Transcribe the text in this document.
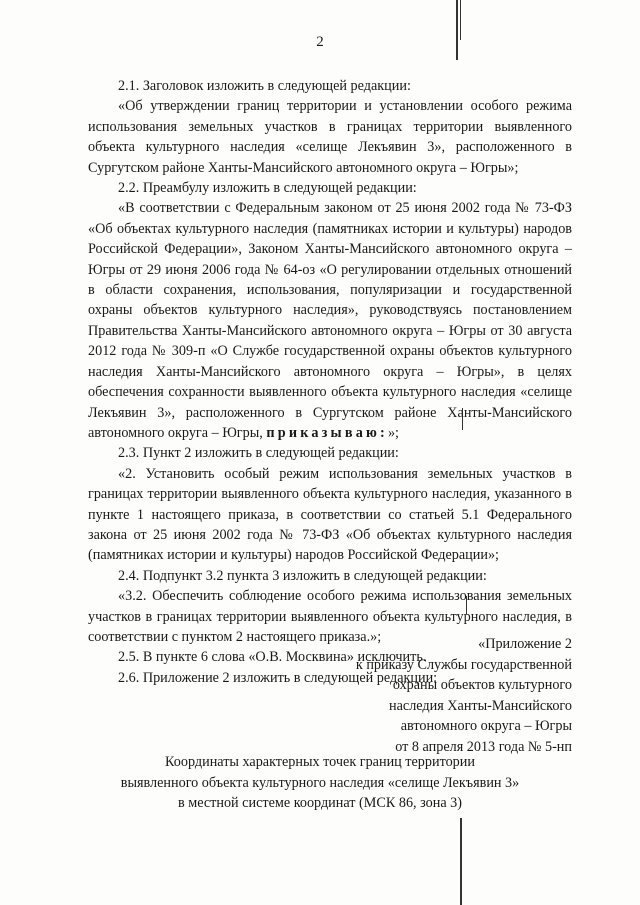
2

2.1. Заголовок изложить в следующей редакции:

«Об утверждении границ территории и установлении особого режима использования земельных участков в границах территории выявленного объекта культурного наследия «селище Лекъявин 3», расположенного в Сургутском районе Ханты-Мансийского автономного округа – Югры»;

2.2. Преамбулу изложить в следующей редакции:

«В соответствии с Федеральным законом от 25 июня 2002 года № 73-ФЗ «Об объектах культурного наследия (памятниках истории и культуры) народов Российской Федерации», Законом Ханты-Мансийского автономного округа – Югры от 29 июня 2006 года № 64-оз «О регулировании отдельных отношений в области сохранения, использования, популяризации и государственной охраны объектов культурного наследия», руководствуясь постановлением Правительства Ханты-Мансийского автономного округа – Югры от 30 августа 2012 года № 309-п «О Службе государственной охраны объектов культурного наследия Ханты-Мансийского автономного округа – Югры», в целях обеспечения сохранности выявленного объекта культурного наследия «селище Лекъявин 3», расположенного в Сургутском районе Ханты-Мансийского автономного округа – Югры, приказываю:»;

2.3. Пункт 2 изложить в следующей редакции:

«2. Установить особый режим использования земельных участков в границах территории выявленного объекта культурного наследия, указанного в пункте 1 настоящего приказа, в соответствии со статьей 5.1 Федерального закона от 25 июня 2002 года № 73-ФЗ «Об объектах культурного наследия (памятниках истории и культуры) народов Российской Федерации»;

2.4. Подпункт 3.2 пункта 3 изложить в следующей редакции:

«3.2. Обеспечить соблюдение особого режима использования земельных участков в границах территории выявленного объекта культурного наследия, в соответствии с пунктом 2 настоящего приказа.»;

2.5. В пункте 6 слова «О.В. Москвина» исключить.

2.6. Приложение 2 изложить в следующей редакции:

«Приложение 2
к приказу Службы государственной
охраны объектов культурного
наследия Ханты-Мансийского
автономного округа – Югры
от 8 апреля 2013 года № 5-нп
Координаты характерных точек границ территории
выявленного объекта культурного наследия «селище Лекъявин 3»
в местной системе координат (МСК 86, зона 3)
